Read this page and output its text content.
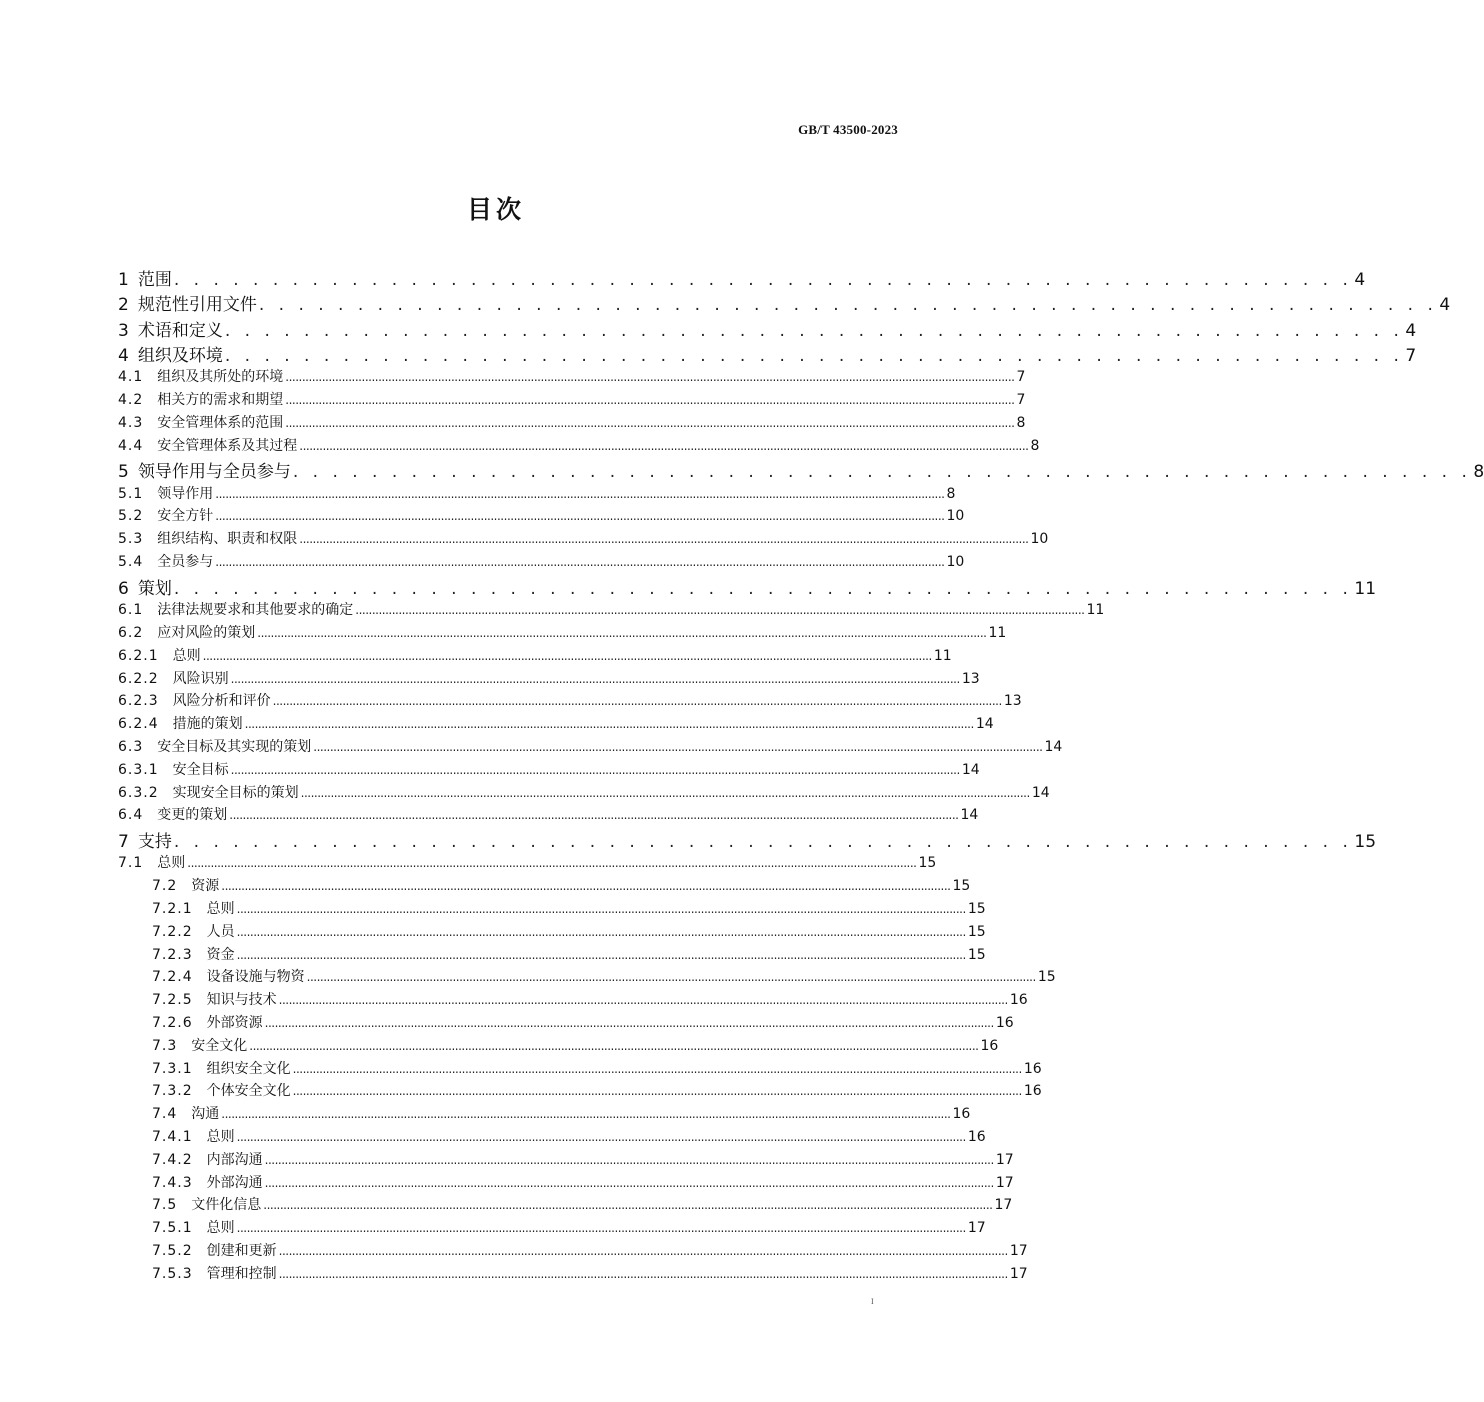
GB/T 43500-2023
目次
1 范围 . . . . . . . . . . . . . . . . . . . . . . . . . . . . . . . . . . . . . . . . . . . . . . . . . . . . . . . . . . . . 4
2 规范性引用文件 . . . . . . . . . . . . . . . . . . . . . . . . . . . . . . . . . . . . . . . . . . . . . . . . . . . . . . . . . . . . 4
3 术语和定义 . . . . . . . . . . . . . . . . . . . . . . . . . . . . . . . . . . . . . . . . . . . . . . . . . . . . . . . . . . . . 4
4 组织及环境 . . . . . . . . . . . . . . . . . . . . . . . . . . . . . . . . . . . . . . . . . . . . . . . . . . . . . . . . . . . . 7
4.1 组织及其所处的环境 ............................................................................................................................................................................................................................ 7
4.2 相关方的需求和期望 ............................................................................................................................................................................................................................ 7
4.3 安全管理体系的范围 ............................................................................................................................................................................................................................ 8
4.4 安全管理体系及其过程 ............................................................................................................................................................................................................................ 8
5 领导作用与全员参与 . . . . . . . . . . . . . . . . . . . . . . . . . . . . . . . . . . . . . . . . . . . . . . . . . . . . . . . . . . . . 8
5.1 领导作用 ............................................................................................................................................................................................................................ 8
5.2 安全方针 ............................................................................................................................................................................................................................ 10
5.3 组织结构、职责和权限 ............................................................................................................................................................................................................................ 10
5.4 全员参与 ............................................................................................................................................................................................................................ 10
6 策划 . . . . . . . . . . . . . . . . . . . . . . . . . . . . . . . . . . . . . . . . . . . . . . . . . . . . . . . . . . . . 11
6.1 法律法规要求和其他要求的确定 ............................................................................................................................................................................................................................ 11
6.2 应对风险的策划 ............................................................................................................................................................................................................................ 11
6.2.1 总则 ............................................................................................................................................................................................................................ 11
6.2.2 风险识别 ............................................................................................................................................................................................................................ 13
6.2.3 风险分析和评价 ............................................................................................................................................................................................................................ 13
6.2.4 措施的策划 ............................................................................................................................................................................................................................ 14
6.3 安全目标及其实现的策划 ............................................................................................................................................................................................................................ 14
6.3.1 安全目标 ............................................................................................................................................................................................................................ 14
6.3.2 实现安全目标的策划 ............................................................................................................................................................................................................................ 14
6.4 变更的策划 ............................................................................................................................................................................................................................ 14
7 支持 . . . . . . . . . . . . . . . . . . . . . . . . . . . . . . . . . . . . . . . . . . . . . . . . . . . . . . . . . . . . 15
7.1 总则 ............................................................................................................................................................................................................................ 15
7.2 资源 ............................................................................................................................................................................................................................ 15
7.2.1 总则 ............................................................................................................................................................................................................................ 15
7.2.2 人员 ............................................................................................................................................................................................................................ 15
7.2.3 资金 ............................................................................................................................................................................................................................ 15
7.2.4 设备设施与物资 ............................................................................................................................................................................................................................ 15
7.2.5 知识与技术 ............................................................................................................................................................................................................................ 16
7.2.6 外部资源 ............................................................................................................................................................................................................................ 16
7.3 安全文化 ............................................................................................................................................................................................................................ 16
7.3.1 组织安全文化 ............................................................................................................................................................................................................................ 16
7.3.2 个体安全文化 ............................................................................................................................................................................................................................ 16
7.4 沟通 ............................................................................................................................................................................................................................ 16
7.4.1 总则 ............................................................................................................................................................................................................................ 16
7.4.2 内部沟通 ............................................................................................................................................................................................................................ 17
7.4.3 外部沟通 ............................................................................................................................................................................................................................ 17
7.5 文件化信息 ............................................................................................................................................................................................................................ 17
7.5.1 总则 ............................................................................................................................................................................................................................ 17
7.5.2 创建和更新 ............................................................................................................................................................................................................................ 17
7.5.3 管理和控制 ............................................................................................................................................................................................................................ 17
I
